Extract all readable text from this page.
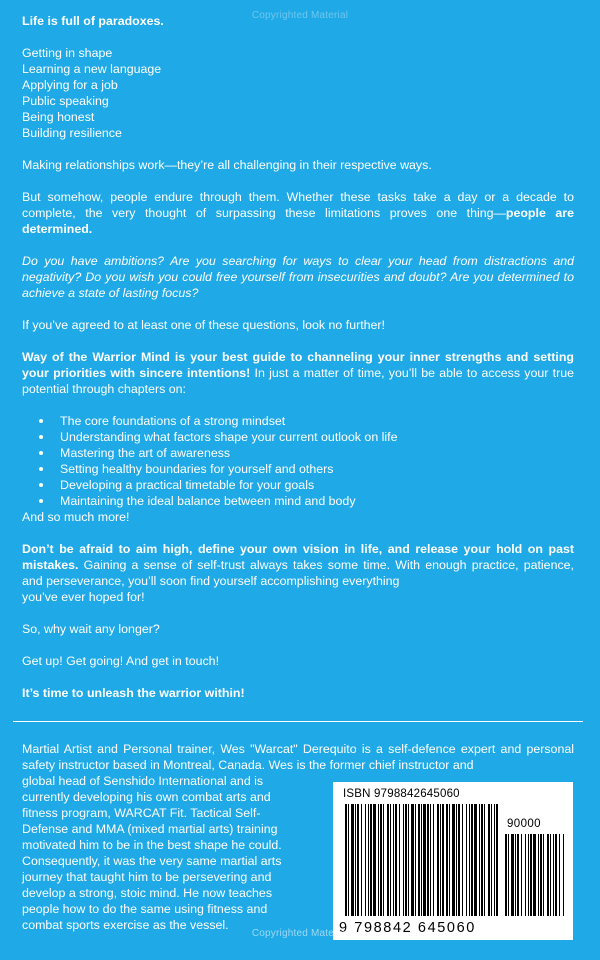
Copyrighted Material

Life is full of paradoxes.

Getting in shape
Learning a new language
Applying for a job
Public speaking
Being honest
Building resilience

Making relationships work—they’re all challenging in their respective ways.

But somehow, people endure through them. Whether these tasks take a day or a decade to complete, the very thought of surpassing these limitations proves one thing—people are determined.

Do you have ambitions? Are you searching for ways to clear your head from distractions and negativity? Do you wish you could free yourself from insecurities and doubt? Are you determined to achieve a state of lasting focus?

If you’ve agreed to at least one of these questions, look no further!

Way of the Warrior Mind is your best guide to channeling your inner strengths and setting your priorities with sincere intentions! In just a matter of time, you’ll be able to access your true potential through chapters on:

The core foundations of a strong mindset
Understanding what factors shape your current outlook on life
Mastering the art of awareness
Setting healthy boundaries for yourself and others
Developing a practical timetable for your goals
Maintaining the ideal balance between mind and body

And so much more!

Don’t be afraid to aim high, define your own vision in life, and release your hold on past mistakes. Gaining a sense of self-trust always takes some time. With enough practice, patience, and perseverance, you’ll soon find yourself accomplishing everything

you’ve ever hoped for!

So, why wait any longer?

Get up! Get going! And get in touch!

It’s time to unleash the warrior within!

Martial Artist and Personal trainer, Wes "Warcat" Derequito is a self-defence expert and personal safety instructor based in Montreal, Canada. Wes is the former chief instructor and

global head of Senshido International and is currently developing his own combat arts and fitness program, WARCAT Fit. Tactical Self-Defense and MMA (mixed martial arts) training motivated him to be in the best shape he could. Consequently, it was the very same martial arts journey that taught him to be persevering and develop a strong, stoic mind. He now teaches people how to do the same using fitness and combat sports exercise as the vessel.

ISBN 9798842645060
90000
9 798842 645060
Copyrighted Material
